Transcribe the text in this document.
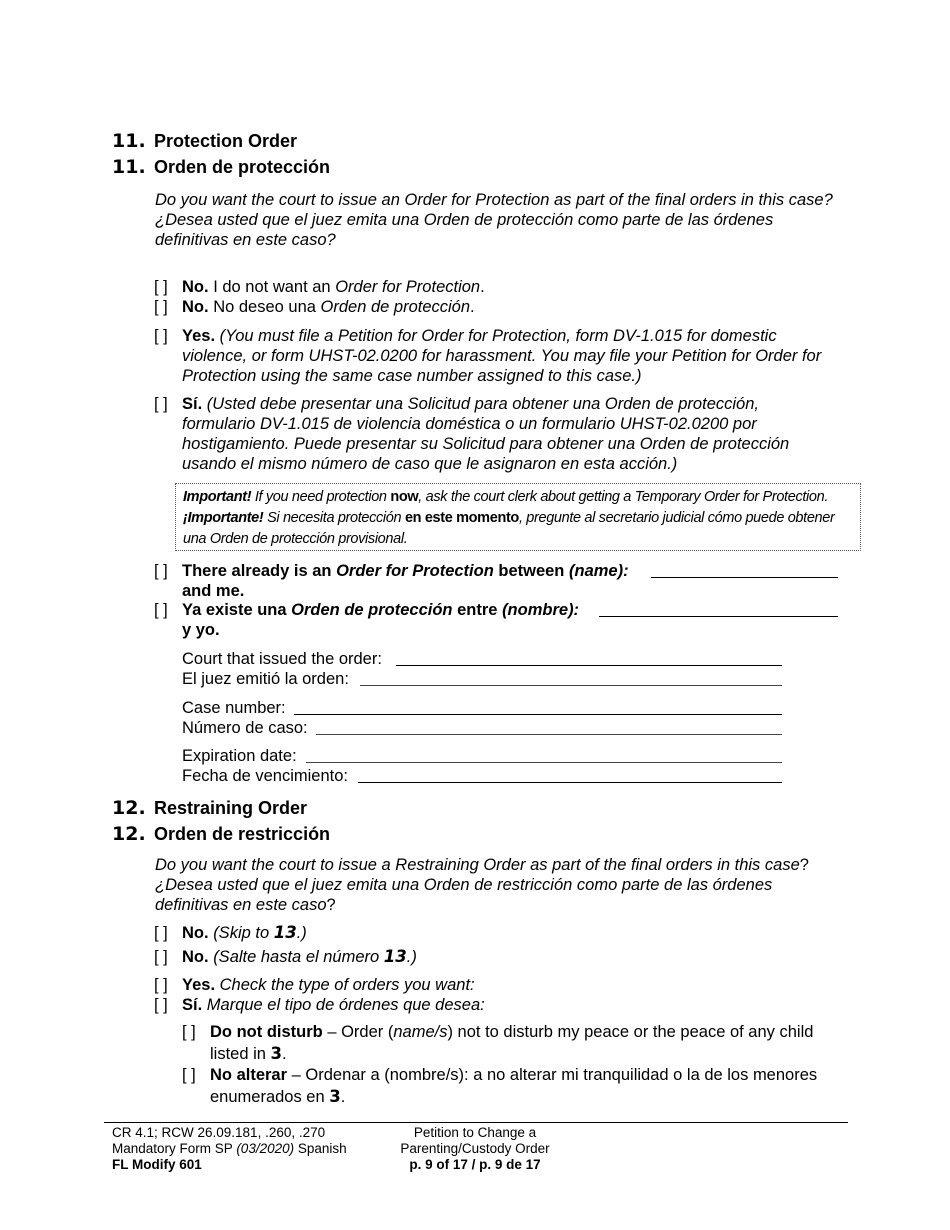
11. Protection Order
11. Orden de protección
Do you want the court to issue an Order for Protection as part of the final orders in this case?
¿Desea usted que el juez emita una Orden de protección como parte de las órdenes definitivas en este caso?
[ ] No. I do not want an Order for Protection.
[ ] No. No deseo una Orden de protección.
[ ] Yes. (You must file a Petition for Order for Protection, form DV-1.015 for domestic violence, or form UHST-02.0200 for harassment. You may file your Petition for Order for Protection using the same case number assigned to this case.)
[ ] Sí. (Usted debe presentar una Solicitud para obtener una Orden de protección, formulario DV-1.015 de violencia doméstica o un formulario UHST-02.0200 por hostigamiento. Puede presentar su Solicitud para obtener una Orden de protección usando el mismo número de caso que le asignaron en esta acción.)
Important! If you need protection now, ask the court clerk about getting a Temporary Order for Protection.
¡Importante! Si necesita protección en este momento, pregunte al secretario judicial cómo puede obtener una Orden de protección provisional.
[ ] There already is an Order for Protection between (name):
and me.
[ ] Ya existe una Orden de protección entre (nombre):
y yo.
Court that issued the order:
El juez emitió la orden:
Case number:
Número de caso:
Expiration date:
Fecha de vencimiento:
12. Restraining Order
12. Orden de restricción
Do you want the court to issue a Restraining Order as part of the final orders in this case?
¿Desea usted que el juez emita una Orden de restricción como parte de las órdenes definitivas en este caso?
[ ] No. (Skip to 13.)
[ ] No. (Salte hasta el número 13.)
[ ] Yes. Check the type of orders you want:
[ ] Sí. Marque el tipo de órdenes que desea:
[ ] Do not disturb – Order (name/s) not to disturb my peace or the peace of any child listed in 3.
[ ] No alterar – Ordenar a (nombre/s): a no alterar mi tranquilidad o la de los menores enumerados en 3.
CR 4.1; RCW 26.09.181, .260, .270
Mandatory Form SP (03/2020) Spanish
FL Modify 601
Petition to Change a
Parenting/Custody Order
p. 9 of 17 / p. 9 de 17
